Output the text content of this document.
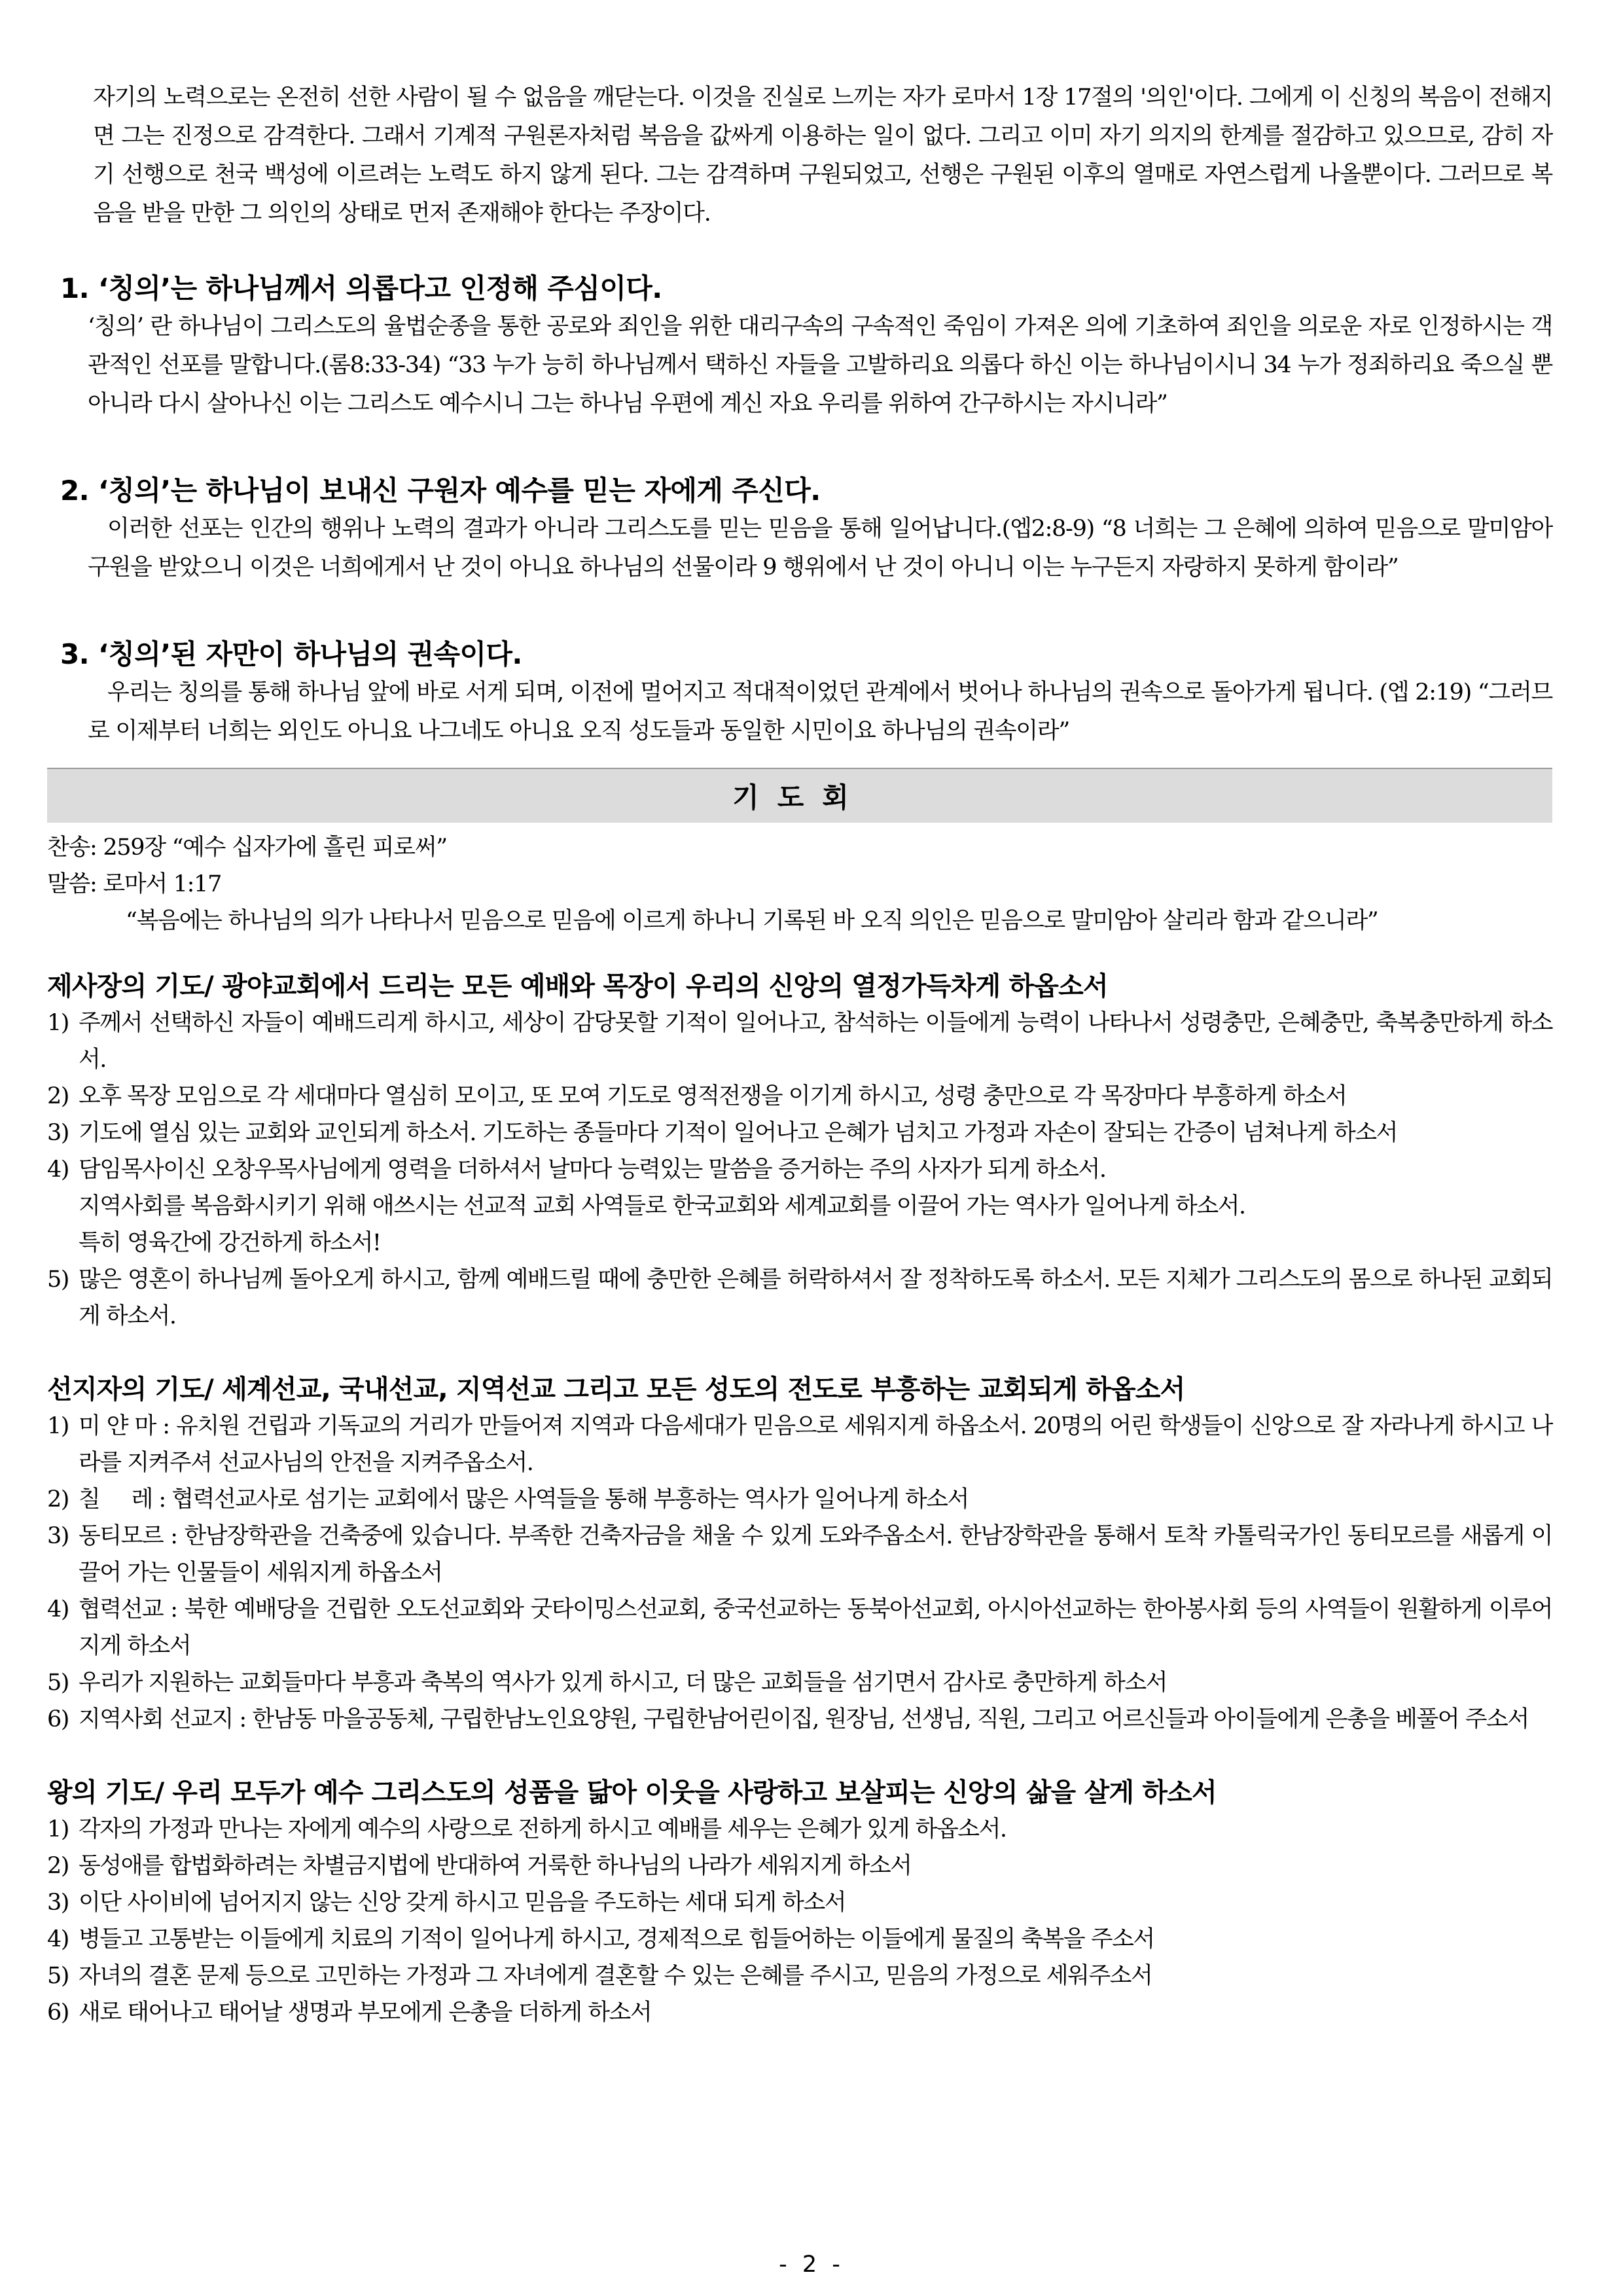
자기의 노력으로는 온전히 선한 사람이 될 수 없음을 깨닫는다. 이것을 진실로 느끼는 자가 로마서 1장 17절의 '의인'이다. 그에게 이 신칭의 복음이 전해지면 그는 진정으로 감격한다. 그래서 기계적 구원론자처럼 복음을 값싸게 이용하는 일이 없다. 그리고 이미 자기 의지의 한계를 절감하고 있으므로, 감히 자기 선행으로 천국 백성에 이르려는 노력도 하지 않게 된다. 그는 감격하며 구원되었고, 선행은 구원된 이후의 열매로 자연스럽게 나올뿐이다. 그러므로 복음을 받을 만한 그 의인의 상태로 먼저 존재해야 한다는 주장이다.

1. ‘칭의’는 하나님께서 의롭다고 인정해 주심이다.

‘칭의’ 란 하나님이 그리스도의 율법순종을 통한 공로와 죄인을 위한 대리구속의 구속적인 죽임이 가져온 의에 기초하여 죄인을 의로운 자로 인정하시는 객관적인 선포를 말합니다.(롬8:33-34) “33 누가 능히 하나님께서 택하신 자들을 고발하리요 의롭다 하신 이는 하나님이시니 34 누가 정죄하리요 죽으실 뿐 아니라 다시 살아나신 이는 그리스도 예수시니 그는 하나님 우편에 계신 자요 우리를 위하여 간구하시는 자시니라”

2. ‘칭의’는 하나님이 보내신 구원자 예수를 믿는 자에게 주신다.

이러한 선포는 인간의 행위나 노력의 결과가 아니라 그리스도를 믿는 믿음을 통해 일어납니다.(엡2:8-9) “8 너희는 그 은혜에 의하여 믿음으로 말미암아 구원을 받았으니 이것은 너희에게서 난 것이 아니요 하나님의 선물이라 9 행위에서 난 것이 아니니 이는 누구든지 자랑하지 못하게 함이라”

3. ‘칭의’된 자만이 하나님의 권속이다.

우리는 칭의를 통해 하나님 앞에 바로 서게 되며, 이전에 멀어지고 적대적이었던 관계에서 벗어나 하나님의 권속으로 돌아가게 됩니다. (엡 2:19) “그러므로 이제부터 너희는 외인도 아니요 나그네도 아니요 오직 성도들과 동일한 시민이요 하나님의 권속이라”

기도회
찬송: 259장 “예수 십자가에 흘린 피로써”
말씀: 로마서 1:17
“복음에는 하나님의 의가 나타나서 믿음으로 믿음에 이르게 하나니 기록된 바 오직 의인은 믿음으로 말미암아 살리라 함과 같으니라”
제사장의 기도/ 광야교회에서 드리는 모든 예배와 목장이 우리의 신앙의 열정가득차게 하옵소서
1) 주께서 선택하신 자들이 예배드리게 하시고, 세상이 감당못할 기적이 일어나고, 참석하는 이들에게 능력이 나타나서 성령충만, 은혜충만, 축복충만하게 하소서.
2) 오후 목장 모임으로 각 세대마다 열심히 모이고, 또 모여 기도로 영적전쟁을 이기게 하시고, 성령 충만으로 각 목장마다 부흥하게 하소서
3) 기도에 열심 있는 교회와 교인되게 하소서. 기도하는 종들마다 기적이 일어나고 은혜가 넘치고 가정과 자손이 잘되는 간증이 넘쳐나게 하소서
4) 담임목사이신 오창우목사님에게 영력을 더하셔서 날마다 능력있는 말씀을 증거하는 주의 사자가 되게 하소서.
지역사회를 복음화시키기 위해 애쓰시는 선교적 교회 사역들로 한국교회와 세계교회를 이끌어 가는 역사가 일어나게 하소서.
특히 영육간에 강건하게 하소서!
5) 많은 영혼이 하나님께 돌아오게 하시고, 함께 예배드릴 때에 충만한 은혜를 허락하셔서 잘 정착하도록 하소서. 모든 지체가 그리스도의 몸으로 하나된 교회되게 하소서.
선지자의 기도/ 세계선교, 국내선교, 지역선교 그리고 모든 성도의 전도로 부흥하는 교회되게 하옵소서
1) 미 얀 마 : 유치원 건립과 기독교의 거리가 만들어져 지역과 다음세대가 믿음으로 세워지게 하옵소서. 20명의 어린 학생들이 신앙으로 잘 자라나게 하시고 나라를 지켜주셔 선교사님의 안전을 지켜주옵소서.
2) 칠     레 : 협력선교사로 섬기는 교회에서 많은 사역들을 통해 부흥하는 역사가 일어나게 하소서
3) 동티모르 : 한남장학관을 건축중에 있습니다. 부족한 건축자금을 채울 수 있게 도와주옵소서. 한남장학관을 통해서 토착 카톨릭국가인 동티모르를 새롭게 이끌어 가는 인물들이 세워지게 하옵소서
4) 협력선교 : 북한 예배당을 건립한 오도선교회와 굿타이밍스선교회, 중국선교하는 동북아선교회, 아시아선교하는 한아봉사회 등의 사역들이 원활하게 이루어지게 하소서
5) 우리가 지원하는 교회들마다 부흥과 축복의 역사가 있게 하시고, 더 많은 교회들을 섬기면서 감사로 충만하게 하소서
6) 지역사회 선교지 : 한남동 마을공동체, 구립한남노인요양원, 구립한남어린이집, 원장님, 선생님, 직원, 그리고 어르신들과 아이들에게 은총을 베풀어 주소서
왕의 기도/ 우리 모두가 예수 그리스도의 성품을 닮아 이웃을 사랑하고 보살피는 신앙의 삶을 살게 하소서
1) 각자의 가정과 만나는 자에게 예수의 사랑으로 전하게 하시고 예배를 세우는 은혜가 있게 하옵소서.
2) 동성애를 합법화하려는 차별금지법에 반대하여 거룩한 하나님의 나라가 세워지게 하소서
3) 이단 사이비에 넘어지지 않는 신앙 갖게 하시고 믿음을 주도하는 세대 되게 하소서
4) 병들고 고통받는 이들에게 치료의 기적이 일어나게 하시고, 경제적으로 힘들어하는 이들에게 물질의 축복을 주소서
5) 자녀의 결혼 문제 등으로 고민하는 가정과 그 자녀에게 결혼할 수 있는 은혜를 주시고, 믿음의 가정으로 세워주소서
6) 새로 태어나고 태어날 생명과 부모에게 은총을 더하게 하소서
- 2 -
